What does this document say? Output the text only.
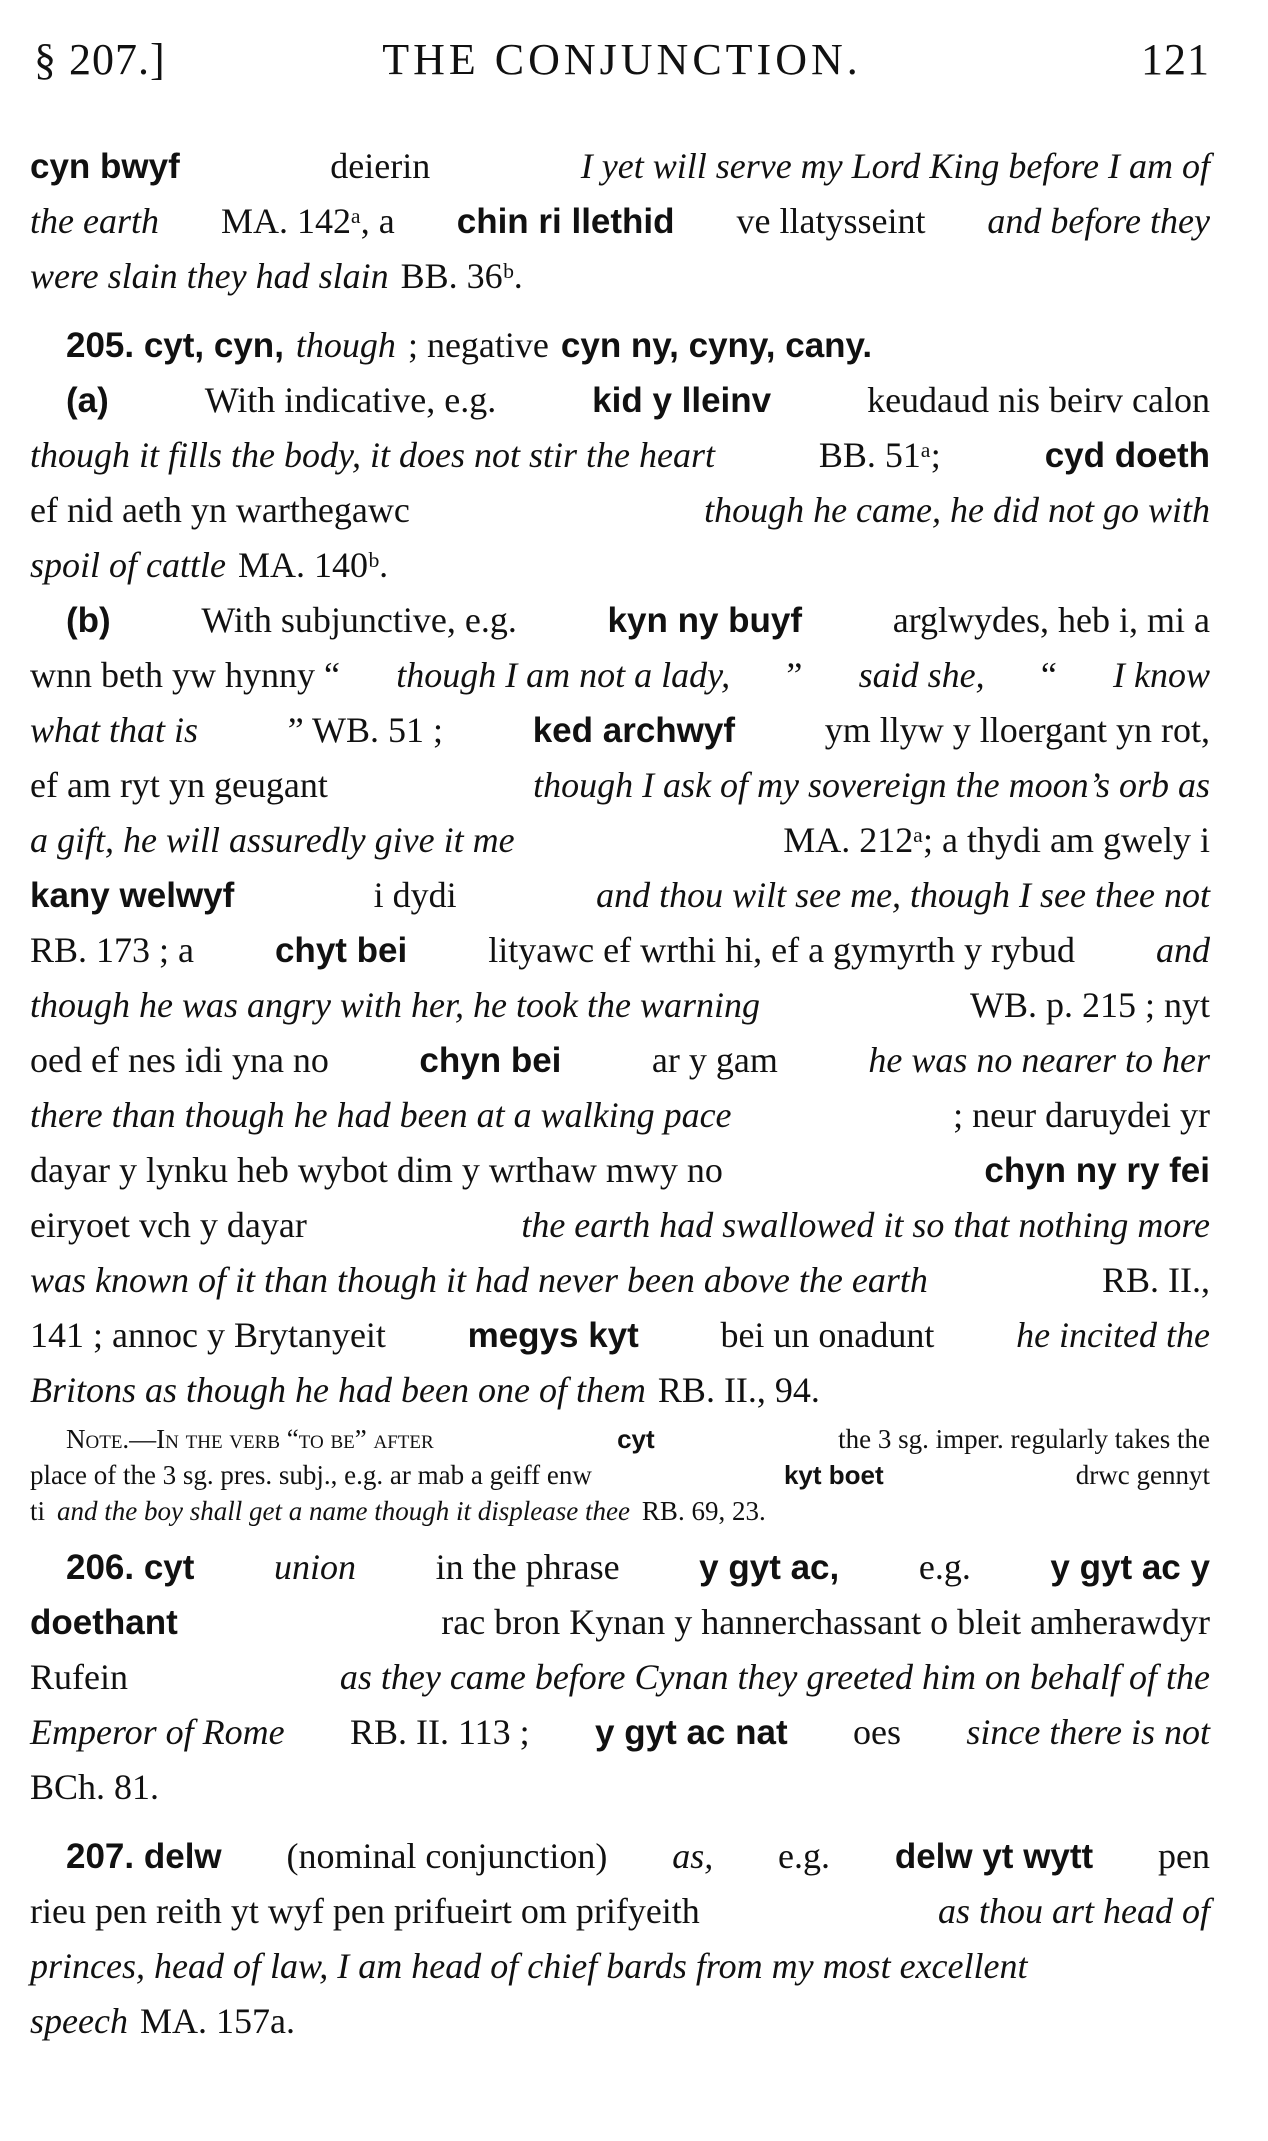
§ 207.]	THE CONJUNCTION.	121
cyn bwyf	deierin	I yet will serve my Lord King before I am of
the earth MA. 142ᵃ, a chin ri llethid ve llatysseint and before they
were slain they had slain BB. 36ᵇ.
205. cyt, cyn, though ; negative cyn ny, cyny, cany.
(a)	With indicative, e.g.	kid y lleinv	keudaud nis beirv calon
though it fills the body, it does not stir the heart	BB. 51ᵃ;	cyd doeth
ef nid aeth yn warthegawc	though he came, he did not go with
spoil of cattle MA. 140ᵇ.
(b)	With subjunctive, e.g.	kyn ny buyf	arglwydes, heb i, mi a
wnn beth yw hynny “ though I am not a lady, ” said she, “ I know
what that is ” WB. 51 ;	ked archwyf ym llyw y lloergant yn rot,
ef am ryt yn geugant	though I ask of my sovereign the moon’s orb as
a gift, he will assuredly give it me	MA. 212ᵃ; a thydi am gwely i
kany welwyf	i dydi	and thou wilt see me, though I see thee not
RB. 173 ; a chyt bei lityawc ef wrthi hi, ef a gymyrth y rybud and
though he was angry with her, he took the warning	WB. p. 215 ; nyt
oed ef nes idi yna no	chyn bei	ar y gam	he was no nearer to her
there than though he had been at a walking pace	; neur daruydei yr
dayar y lynku heb wybot dim y wrthaw mwy no	chyn ny ry fei
eiryoet vch y dayar	the earth had swallowed it so that nothing more
was known of it than though it had never been above the earth	RB. II.,
141 ; annoc y Brytanyeit megys kyt bei un onadunt he incited the
Britons as though he had been one of them RB. II., 94.
Note.—In the verb “to be” after	cyt	the 3 sg. imper. regularly takes the
place of the 3 sg. pres. subj., e.g. ar mab a geiff enw	kyt boet	drwc gennyt
ti and the boy shall get a name though it displease thee RB. 69, 23.
206. cyt union in the phrase y gyt ac, e.g. y gyt ac y
doethant	rac bron Kynan y hannerchassant o bleit amherawdyr
Rufein	as they came before Cynan they greeted him on behalf of the
Emperor of Rome RB. II. 113 ; y gyt ac nat oes since there is not
BCh. 81.
207. delw (nominal conjunction) as, e.g. delw yt wytt pen
rieu pen reith yt wyf pen prifueirt om prifyeith	as thou art head of
princes, head of law, I am head of chief bards from my most excellent
speech MA. 157a.
